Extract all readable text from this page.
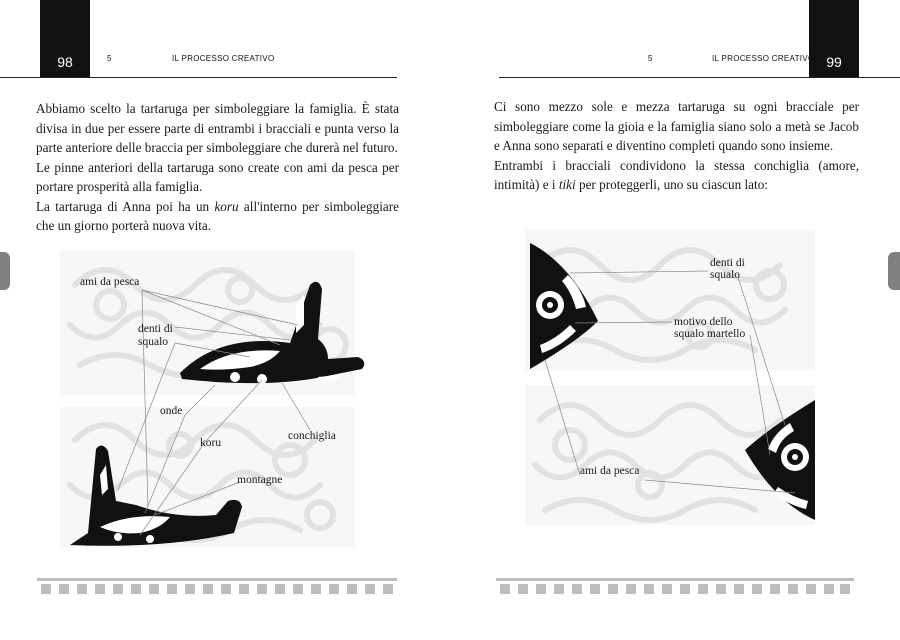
98	5	IL PROCESSO CREATIVO

Abbiamo scelto la tartaruga per simboleggiare la famiglia. È stata divisa in due per essere parte di entrambi i bracciali e punta verso la parte anteriore delle braccia per simboleggiare che durerà nel futuro.

Le pinne anteriori della tartaruga sono create con ami da pesca per portare prosperità alla famiglia.

La tartaruga di Anna poi ha un koru all'interno per simboleggiare che un giorno porterà nuova vita.

ami da pesca
denti di
squalo
onde
koru
conchiglia
montagne
99
5	IL PROCESSO CREATIVO

Ci sono mezzo sole e mezza tartaruga su ogni bracciale per simboleggiare come la gioia e la famiglia siano solo a metà se Jacob e Anna sono separati e diventino completi quando sono insieme.

Entrambi i bracciali condividono la stessa conchiglia (amore, intimità) e i tiki per proteggerli, uno su ciascun lato:

denti di
squalo
motivo dello
squalo martello
ami da pesca
